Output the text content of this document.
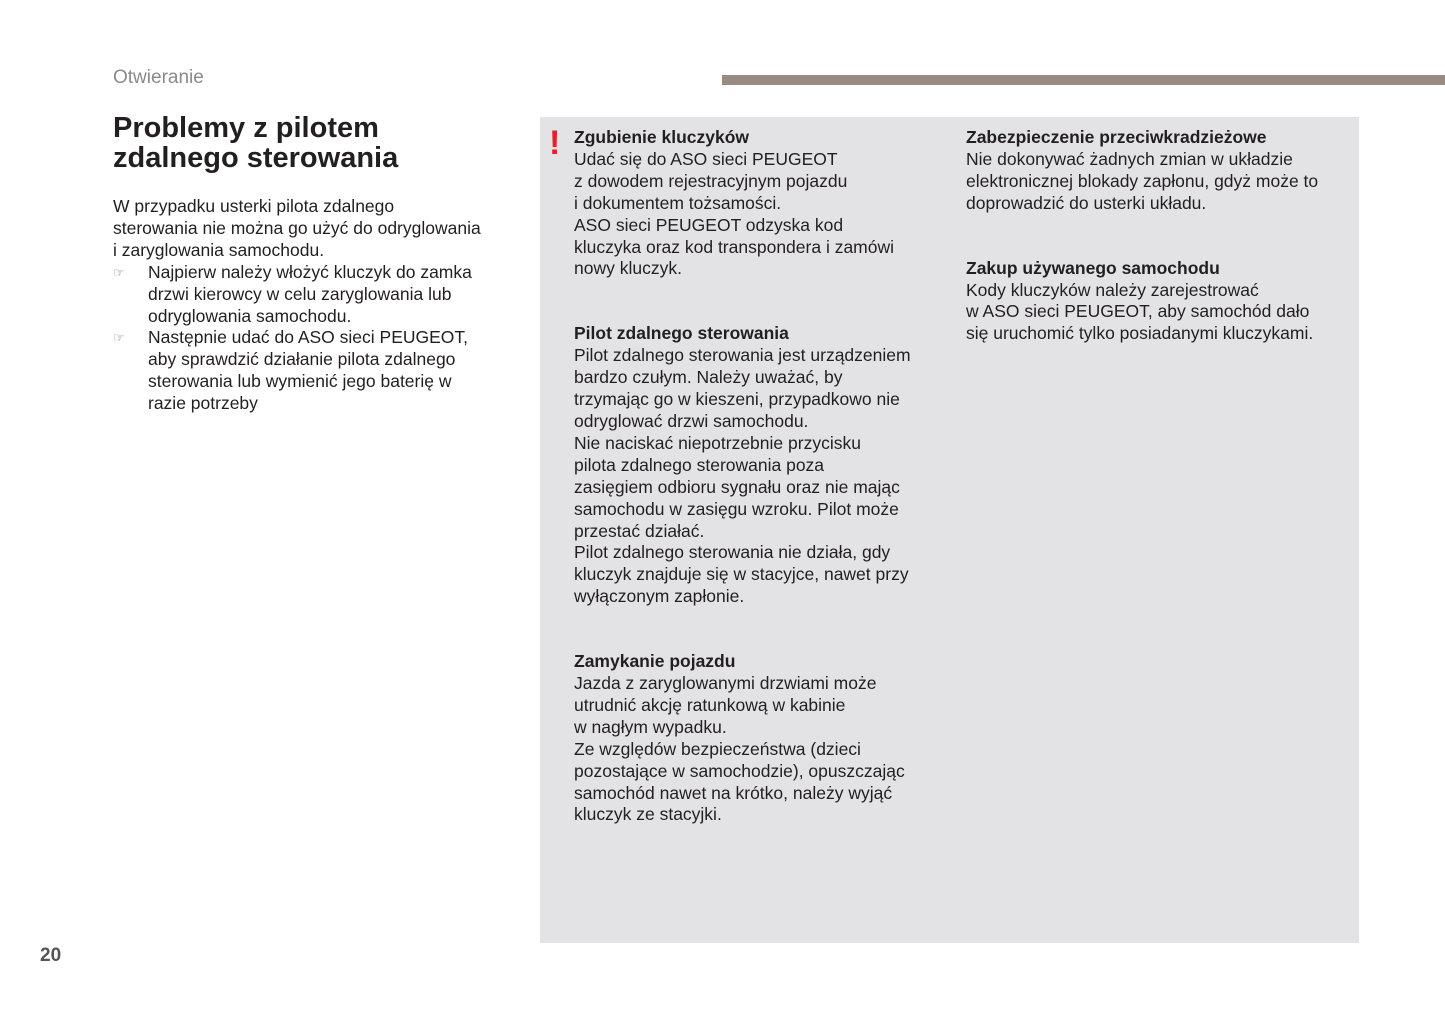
Otwieranie
Problemy z pilotem
zdalnego sterowania
W przypadku usterki pilota zdalnego
sterowania nie można go użyć do odryglowania
i zaryglowania samochodu.
☞ Najpierw należy włożyć kluczyk do zamka
drzwi kierowcy w celu zaryglowania lub
odryglowania samochodu.
☞ Następnie udać do ASO sieci PEUGEOT,
aby sprawdzić działanie pilota zdalnego
sterowania lub wymienić jego baterię w
razie potrzeby
! Zgubienie kluczyków
Udać się do ASO sieci PEUGEOT
z dowodem rejestracyjnym pojazdu
i dokumentem tożsamości.
ASO sieci PEUGEOT odzyska kod
kluczyka oraz kod transpondera i zamówi
nowy kluczyk.
Pilot zdalnego sterowania
Pilot zdalnego sterowania jest urządzeniem
bardzo czułym. Należy uważać, by
trzymając go w kieszeni, przypadkowo nie
odryglować drzwi samochodu.
Nie naciskać niepotrzebnie przycisku
pilota zdalnego sterowania poza
zasięgiem odbioru sygnału oraz nie mając
samochodu w zasięgu wzroku. Pilot może
przestać działać.
Pilot zdalnego sterowania nie działa, gdy
kluczyk znajduje się w stacyjce, nawet przy
wyłączonym zapłonie.
Zamykanie pojazdu
Jazda z zaryglowanymi drzwiami może
utrudnić akcję ratunkową w kabinie
w nagłym wypadku.
Ze względów bezpieczeństwa (dzieci
pozostające w samochodzie), opuszczając
samochód nawet na krótko, należy wyjąć
kluczyk ze stacyjki.
Zabezpieczenie przeciwkradzieżowe
Nie dokonywać żadnych zmian w układzie
elektronicznej blokady zapłonu, gdyż może to
doprowadzić do usterki układu.
Zakup używanego samochodu
Kody kluczyków należy zarejestrować
w ASO sieci PEUGEOT, aby samochód dało
się uruchomić tylko posiadanymi kluczykami.
20
